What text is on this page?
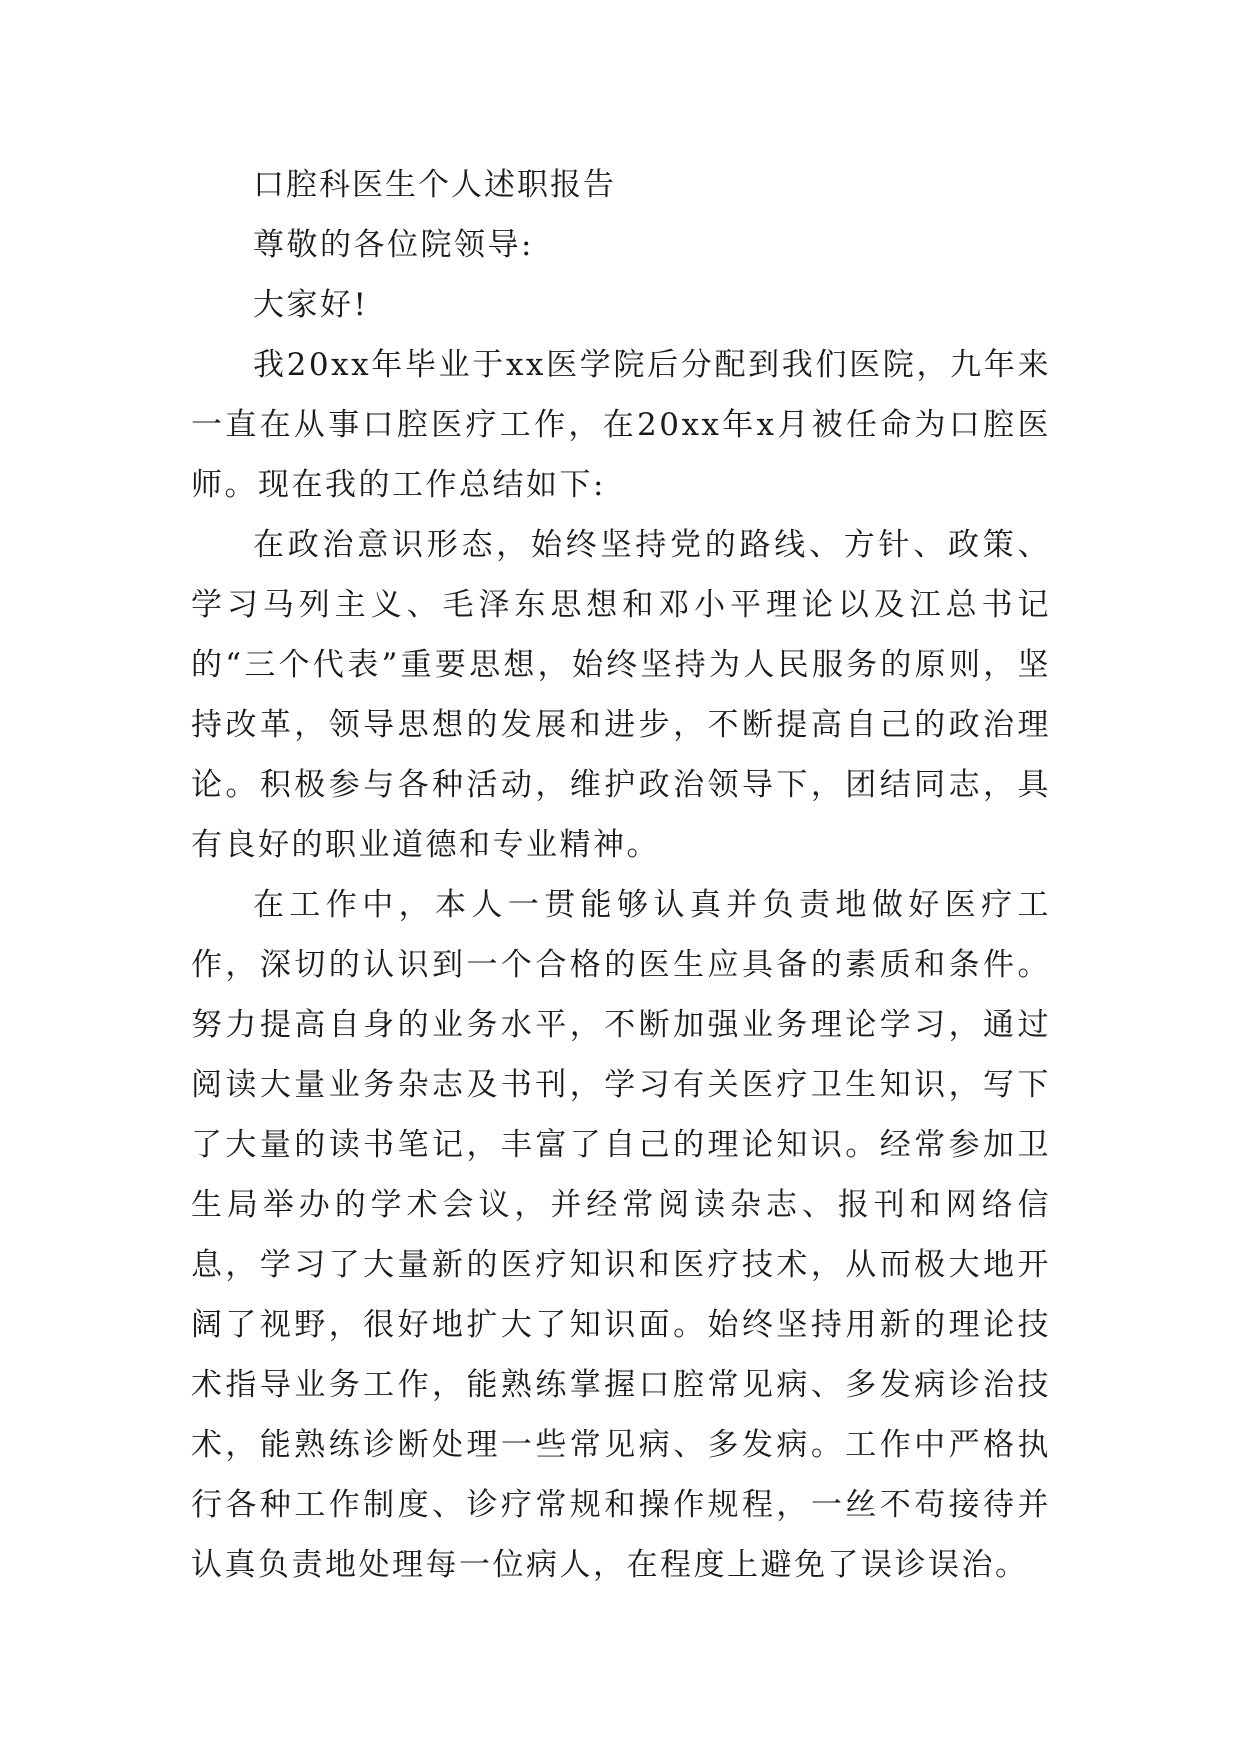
口腔科医生个人述职报告

尊敬的各位院领导:

大家好!

我20xx年毕业于xx医学院后分配到我们医院，九年来一直在从事口腔医疗工作，在20xx年x月被任命为口腔医师。现在我的工作总结如下:

在政治意识形态，始终坚持党的路线、方针、政策、学习马列主义、毛泽东思想和邓小平理论以及江总书记的“三个代表”重要思想，始终坚持为人民服务的原则，坚持改革，领导思想的发展和进步，不断提高自己的政治理论。积极参与各种活动，维护政治领导下，团结同志，具有良好的职业道德和专业精神。

在工作中，本人一贯能够认真并负责地做好医疗工作，深切的认识到一个合格的医生应具备的素质和条件。努力提高自身的业务水平，不断加强业务理论学习，通过阅读大量业务杂志及书刊，学习有关医疗卫生知识，写下了大量的读书笔记，丰富了自己的理论知识。经常参加卫生局举办的学术会议，并经常阅读杂志、报刊和网络信息，学习了大量新的医疗知识和医疗技术，从而极大地开阔了视野，很好地扩大了知识面。始终坚持用新的理论技术指导业务工作，能熟练掌握口腔常见病、多发病诊治技术，能熟练诊断处理一些常见病、多发病。工作中严格执行各种工作制度、诊疗常规和操作规程，一丝不苟接待并认真负责地处理每一位病人，在程度上避免了误诊误治。
